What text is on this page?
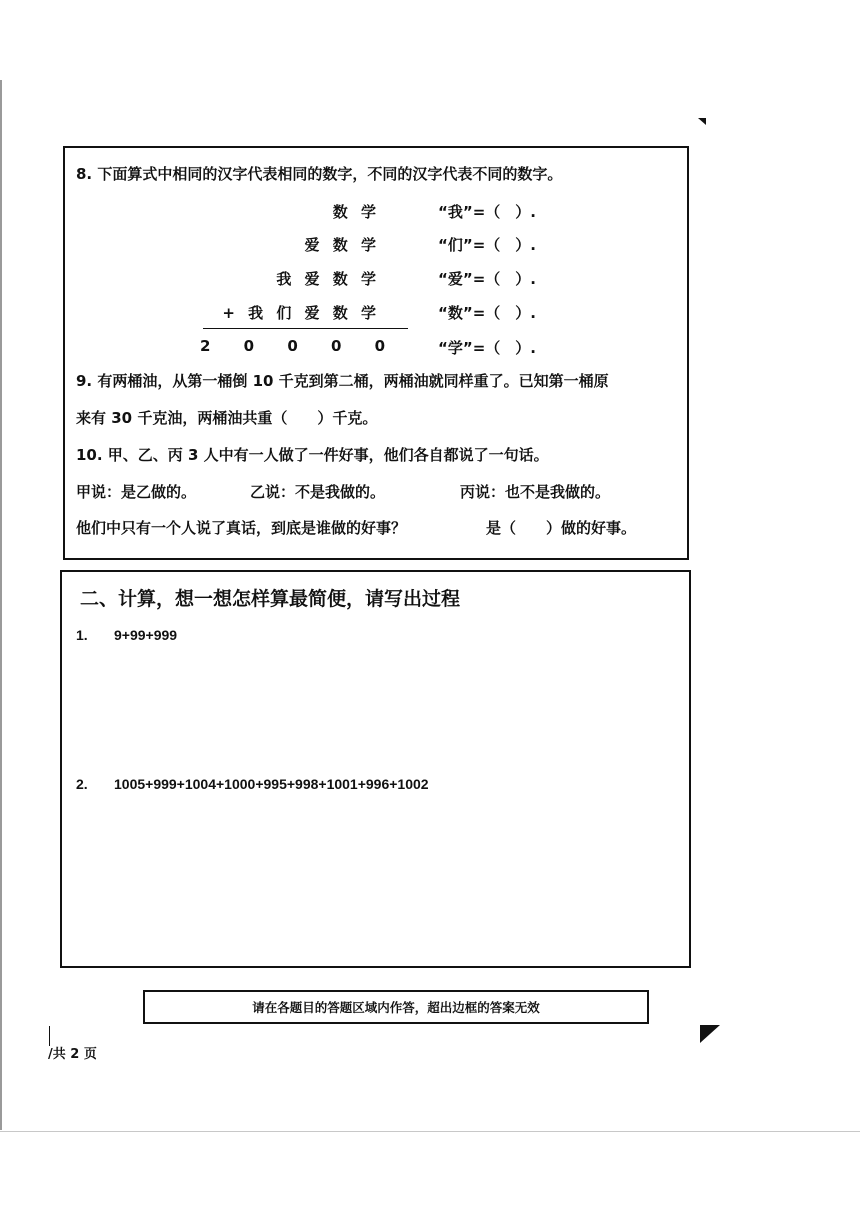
8. 下面算式中相同的汉字代表相同的数字，不同的汉字代表不同的数字。
数 学
爱 数 学
我 爱 数 学
+ 我 们 爱 数 学
2 0 0 0 0
“我”=（　）.
“们”=（　）.
“爱”=（　）.
“数”=（　）.
“学”=（　）.
9. 有两桶油，从第一桶倒 10 千克到第二桶，两桶油就同样重了。已知第一桶原
来有 30 千克油，两桶油共重（　　）千克。
10. 甲、乙、丙 3 人中有一人做了一件好事，他们各自都说了一句话。
甲说：是乙做的。	乙说：不是我做的。	丙说：也不是我做的。
他们中只有一个人说了真话，到底是谁做的好事？	是（　　）做的好事。
二、计算，想一想怎样算最简便，请写出过程
1. 9+99+999
2. 1005+999+1004+1000+995+998+1001+996+1002
请在各题目的答题区域内作答，超出边框的答案无效
/共 2 页
